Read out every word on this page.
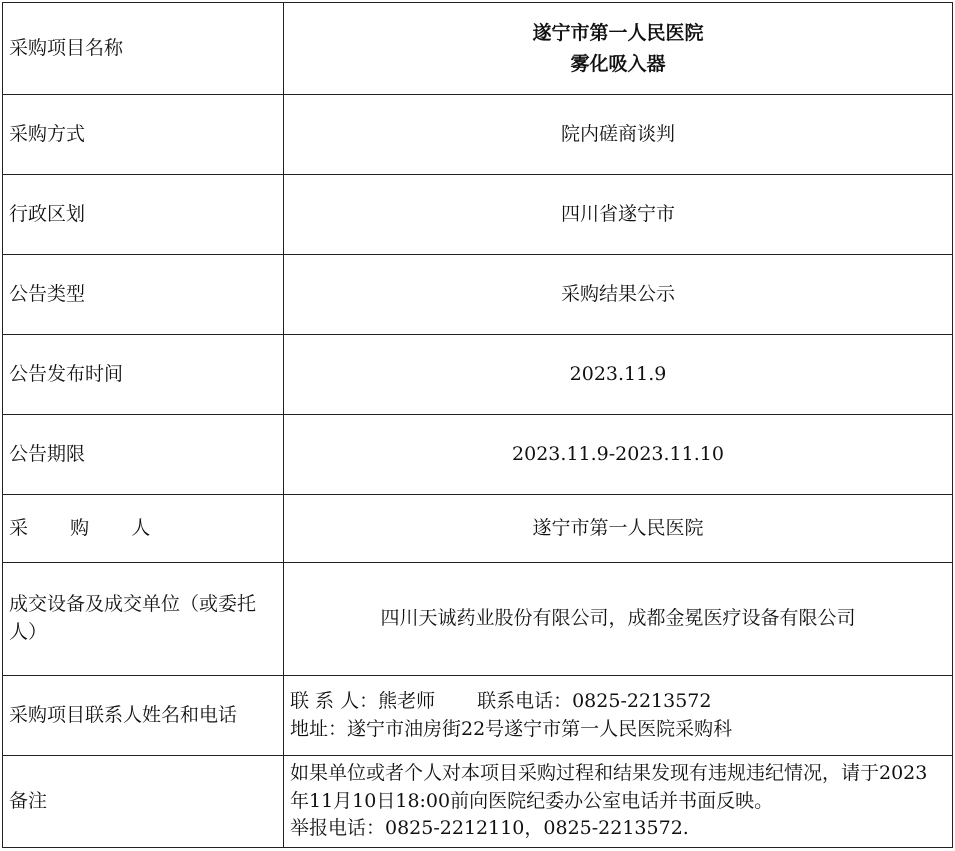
采购项目名称	遂宁市第一人民医院
雾化吸入器

采购方式	院内磋商谈判
行政区划	四川省遂宁市
公告类型	采购结果公示
公告发布时间	2023.11.9
公告期限	2023.11.9-2023.11.10
采 购 人	遂宁市第一人民医院
成交设备及成交单位（或委托人）	四川天诚药业股份有限公司，成都金冕医疗设备有限公司
采购项目联系人姓名和电话	联 系 人：熊老师 联系电话：0825-2213572
地址：遂宁市油房街22号遂宁市第一人民医院采购科

备注	如果单位或者个人对本项目采购过程和结果发现有违规违纪情况，请于2023年11月10日18:00前向医院纪委办公室电话并书面反映。
举报电话：0825-2212110，0825-2213572.
